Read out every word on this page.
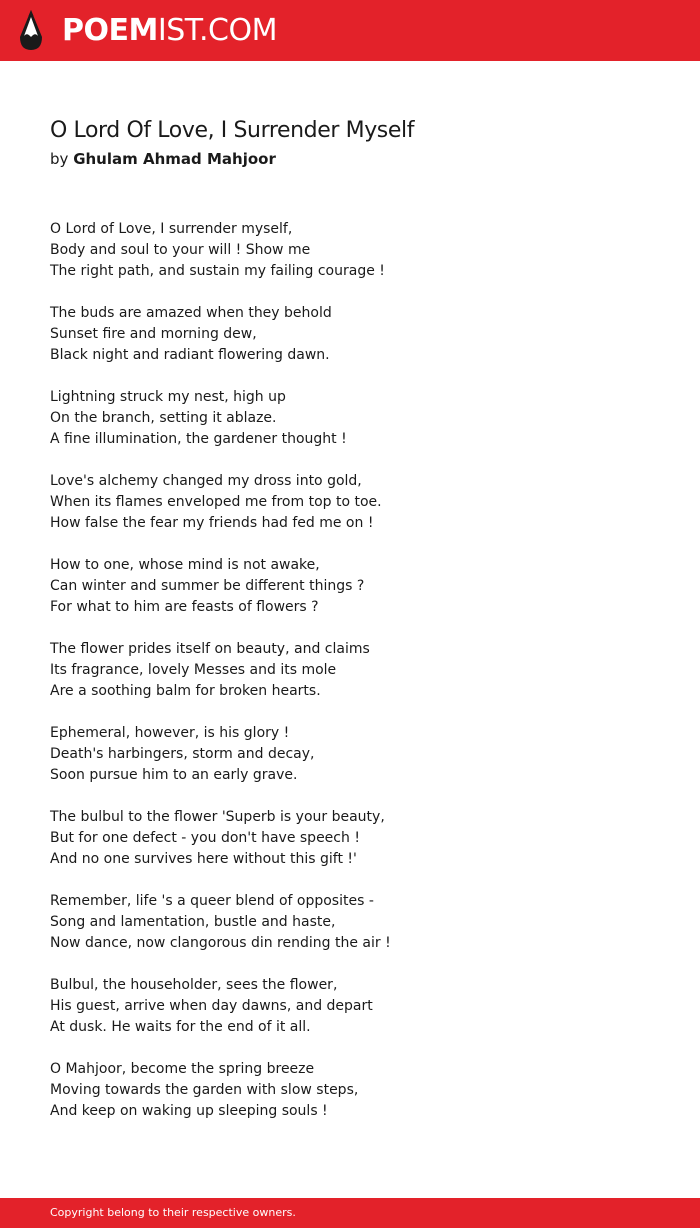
POEMIST.COM
O Lord Of Love, I Surrender Myself
by Ghulam Ahmad Mahjoor
O Lord of Love, I surrender myself,
Body and soul to your will ! Show me
The right path, and sustain my failing courage !
The buds are amazed when they behold
Sunset fire and morning dew,
Black night and radiant flowering dawn.
Lightning struck my nest, high up
On the branch, setting it ablaze.
A fine illumination, the gardener thought !
Love's alchemy changed my dross into gold,
When its flames enveloped me from top to toe.
How false the fear my friends had fed me on !
How to one, whose mind is not awake,
Can winter and summer be different things ?
For what to him are feasts of flowers ?
The flower prides itself on beauty, and claims
Its fragrance, lovely Messes and its mole
Are a soothing balm for broken hearts.
Ephemeral, however, is his glory !
Death's harbingers, storm and decay,
Soon pursue him to an early grave.
The bulbul to the flower 'Superb is your beauty,
But for one defect - you don't have speech !
And no one survives here without this gift !'
Remember, life 's a queer blend of opposites -
Song and lamentation, bustle and haste,
Now dance, now clangorous din rending the air !
Bulbul, the householder, sees the flower,
His guest, arrive when day dawns, and depart
At dusk. He waits for the end of it all.
O Mahjoor, become the spring breeze
Moving towards the garden with slow steps,
And keep on waking up sleeping souls !
Copyright belong to their respective owners.
